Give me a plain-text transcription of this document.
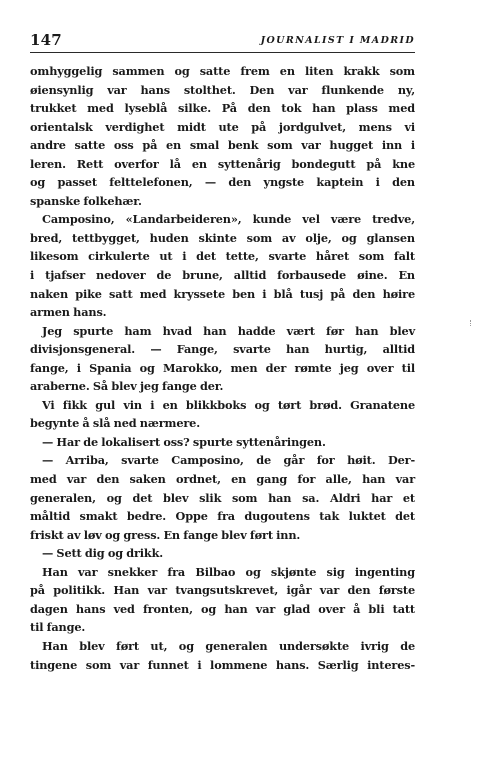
147	JOURNALIST I MADRID
omhyggelig sammen og satte frem en liten krakk som
øiensynlig var hans stolthet. Den var flunkende ny,
trukket med lyseblå silke. På den tok han plass med
orientalsk verdighet midt ute på jordgulvet, mens vi
andre satte oss på en smal benk som var hugget inn i
leren. Rett overfor lå en syttenårig bondegutt på kne
og passet felttelefonen, — den yngste kaptein i den
spanske folkehær.
Camposino, «Landarbeideren», kunde vel være tredve,
bred, tettbygget, huden skinte som av olje, og glansen
likesom cirkulerte ut i det tette, svarte håret som falt
i tjafser nedover de brune, alltid forbausede øine. En
naken pike satt med kryssete ben i blå tusj på den høire
armen hans.
Jeg spurte ham hvad han hadde vært før han blev
divisjonsgeneral. — Fange, svarte han hurtig, alltid
fange, i Spania og Marokko, men der rømte jeg over til
araberne. Så blev jeg fange der.
Vi fikk gul vin i en blikkboks og tørt brød. Granatene
begynte å slå ned nærmere.
— Har de lokalisert oss? spurte syttenåringen.
— Arriba, svarte Camposino, de går for høit. Der-
med var den saken ordnet, en gang for alle, han var
generalen, og det blev slik som han sa. Aldri har et
måltid smakt bedre. Oppe fra dugoutens tak luktet det
friskt av løv og gress. En fange blev ført inn.
— Sett dig og drikk.
Han var snekker fra Bilbao og skjønte sig ingenting
på politikk. Han var tvangsutskrevet, igår var den første
dagen hans ved fronten, og han var glad over å bli tatt
til fange.
Han blev ført ut, og generalen undersøkte ivrig de
tingene som var funnet i lommene hans. Særlig interes-
